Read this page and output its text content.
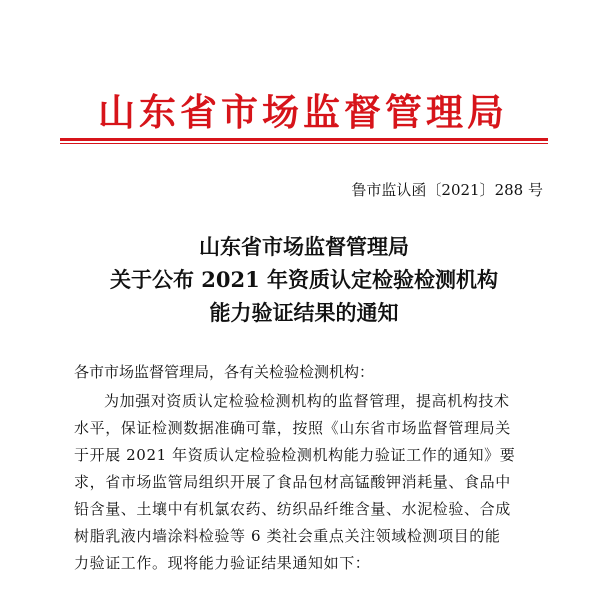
山东省市场监督管理局
鲁市监认函〔2021〕288 号
山东省市场监督管理局
关于公布 2021 年资质认定检验检测机构
能力验证结果的通知
各市市场监督管理局，各有关检验检测机构：
为加强对资质认定检验检测机构的监督管理，提高机构技术
水平，保证检测数据准确可靠，按照《山东省市场监督管理局关
于开展 2021 年资质认定检验检测机构能力验证工作的通知》要
求，省市场监管局组织开展了食品包材高锰酸钾消耗量、食品中
铅含量、土壤中有机氯农药、纺织品纤维含量、水泥检验、合成
树脂乳液内墙涂料检验等 6 类社会重点关注领域检测项目的能
力验证工作。现将能力验证结果通知如下：
